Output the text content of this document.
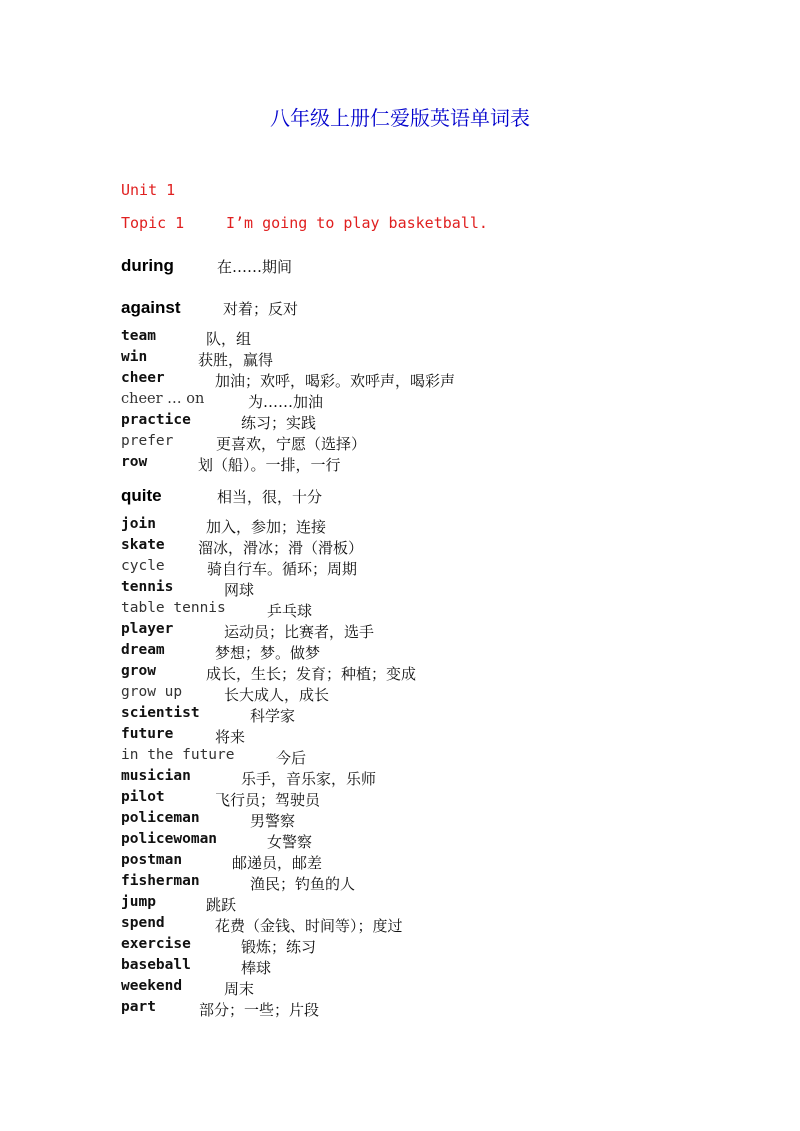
八年级上册仁爱版英语单词表
Unit 1
Topic 1	I’m going to play basketball.
during	在……期间
against	对着；反对
team	队，组
win	获胜，赢得
cheer	加油；欢呼，喝彩。欢呼声，喝彩声
cheer … on	为……加油
practice	练习；实践
prefer	更喜欢，宁愿（选择）
row	划（船）。一排，一行
quite	相当，很，十分
join	加入，参加；连接
skate 溜冰，滑冰；滑（滑板）
cycle	骑自行车。循环；周期
tennis	网球
table tennis	乒乓球
player	运动员；比赛者，选手
dream	梦想；梦。做梦
grow	成长，生长；发育；种植；变成
grow up	长大成人，成长
scientist	科学家
future	将来
in the future	今后
musician	乐手，音乐家，乐师
pilot	飞行员；驾驶员
policeman	男警察
policewoman	女警察
postman	邮递员，邮差
fisherman	渔民；钓鱼的人
jump	跳跃
spend	花费（金钱、时间等）；度过
exercise	锻炼；练习
baseball	棒球
weekend	周末
part	部分；一些；片段
